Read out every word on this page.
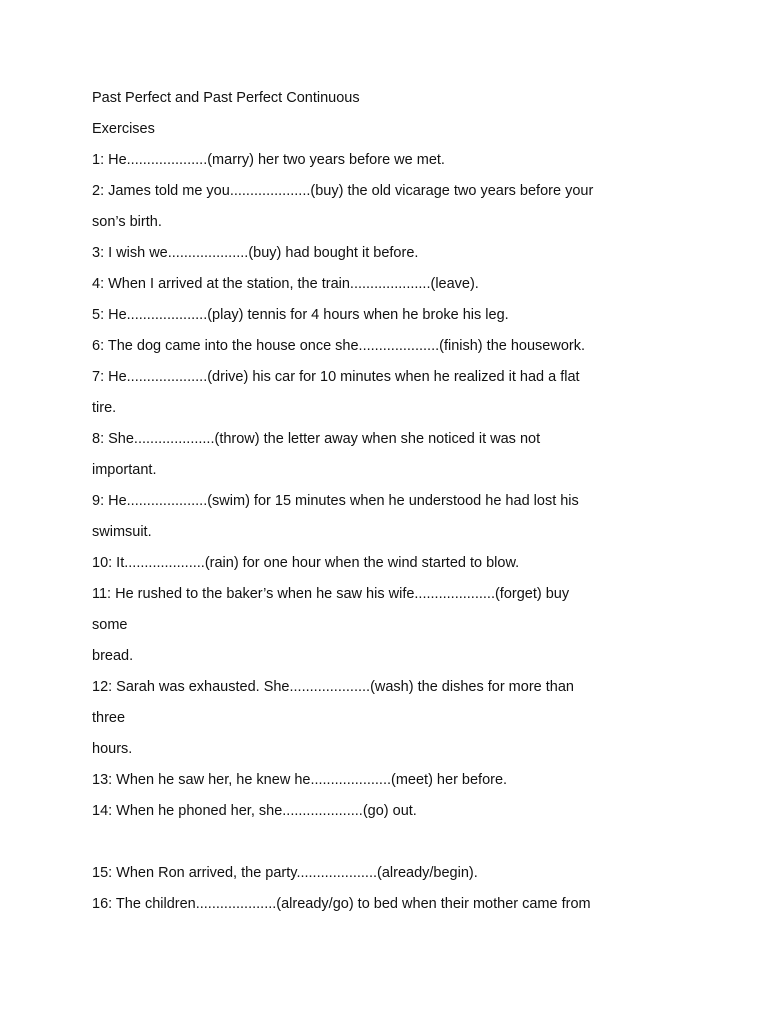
Past Perfect and Past Perfect Continuous
Exercises
1: He....................(marry) her two years before we met.
2: James told me you....................(buy) the old vicarage two years before your
son’s birth.
3: I wish we....................(buy) had bought it before.
4: When I arrived at the station, the train....................(leave).
5: He....................(play) tennis for 4 hours when he broke his leg.
6: The dog came into the house once she....................(finish) the housework.
7: He....................(drive) his car for 10 minutes when he realized it had a flat
tire.
8: She....................(throw) the letter away when she noticed it was not
important.
9: He....................(swim) for 15 minutes when he understood he had lost his
swimsuit.
10: It....................(rain) for one hour when the wind started to blow.
11: He rushed to the baker’s when he saw his wife....................(forget) buy
some
bread.
12: Sarah was exhausted. She....................(wash) the dishes for more than
three
hours.
13: When he saw her, he knew he....................(meet) her before.
14: When he phoned her, she....................(go) out.
15: When Ron arrived, the party....................(already/begin).
16: The children....................(already/go) to bed when their mother came from
